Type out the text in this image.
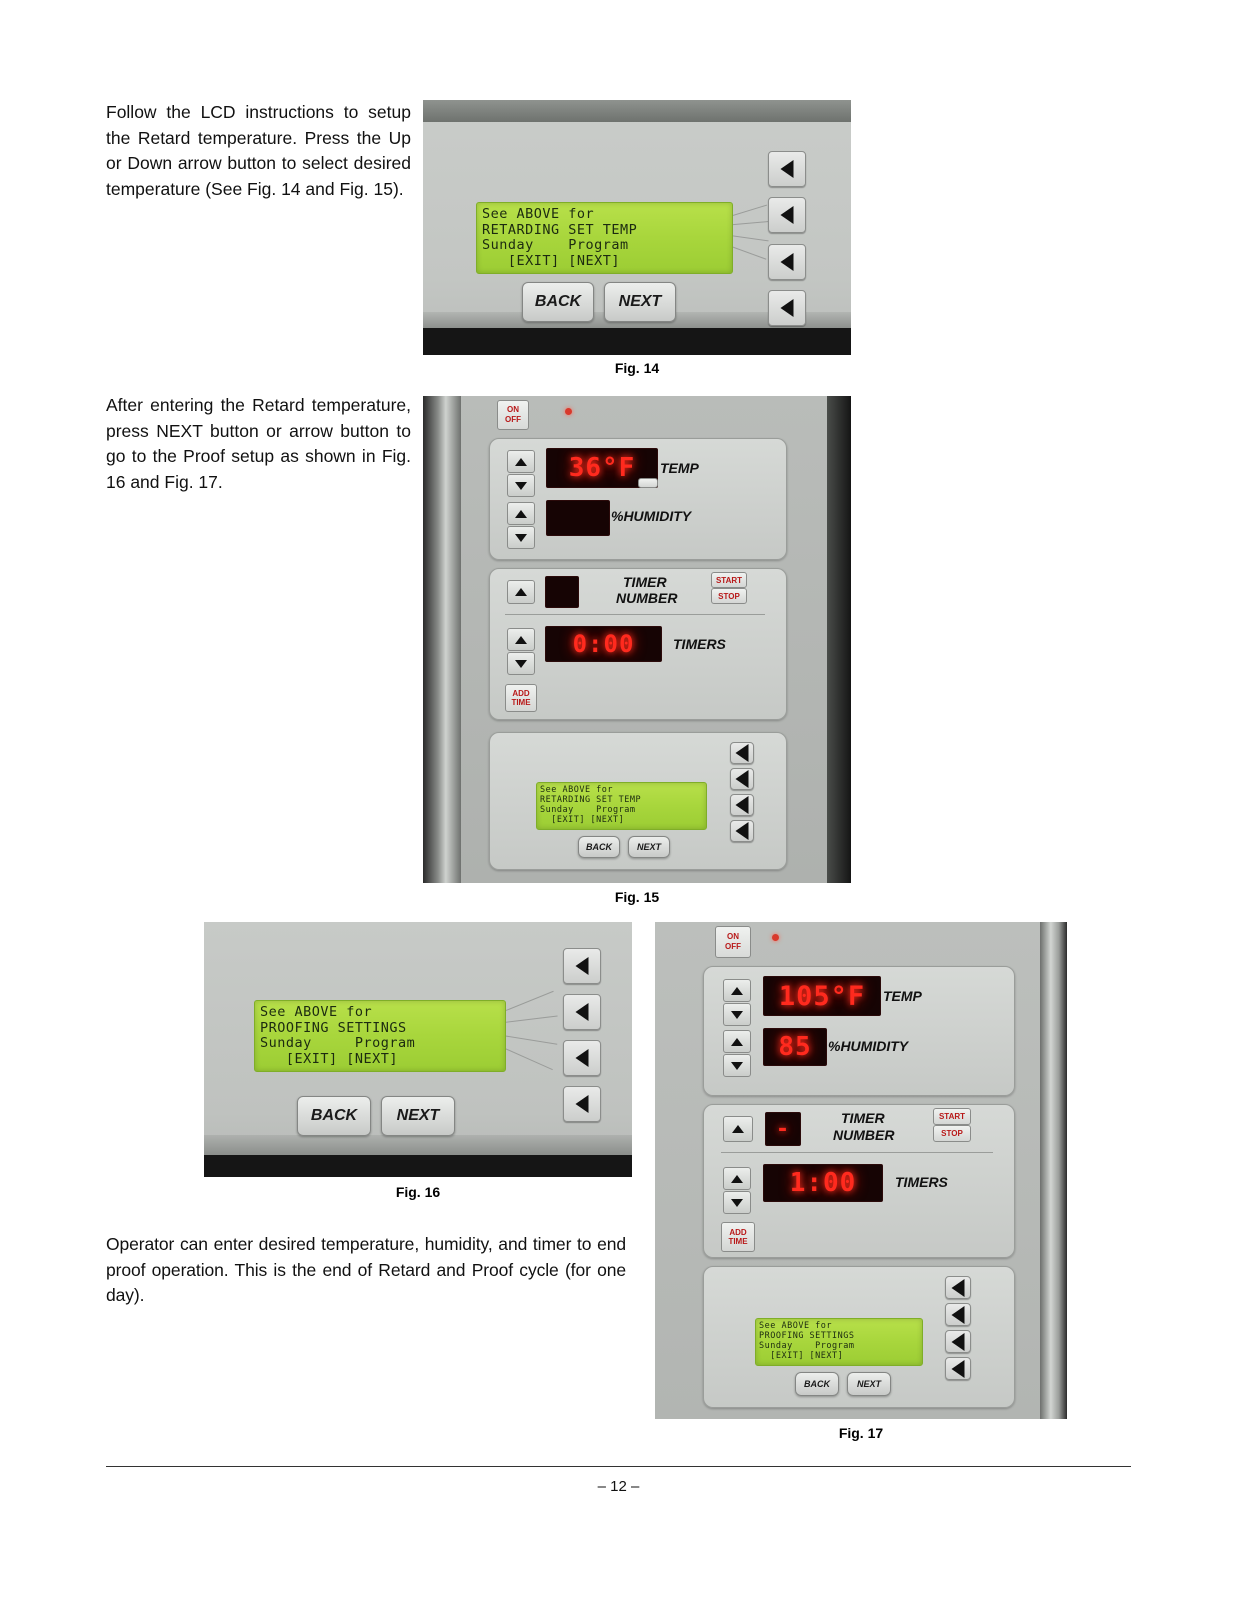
Follow the LCD instructions to setup the Retard temperature. Press the Up or Down arrow button to select desired temperature (See Fig. 14 and Fig. 15).
See ABOVE for
RETARDING SET TEMP
Sunday    Program
[EXIT] [NEXT]
BACK	NEXT
Fig. 14
After entering the Retard temperature, press NEXT button or arrow button to go to the Proof setup as shown in Fig. 16 and Fig. 17.
ON
OFF
36°F	TEMP
%HUMIDITY
TIMER
NUMBER
START
STOP
0:00	TIMERS
ADD
TIME
See ABOVE for
RETARDING SET TEMP
Sunday    Program
[EXIT] [NEXT]
BACK	NEXT
Fig. 15
See ABOVE for
PROOFING SETTINGS
Sunday     Program
[EXIT] [NEXT]
BACK	NEXT
Fig. 16
ON
OFF
105°F	TEMP
85	%HUMIDITY
-	TIMER
NUMBER
START
STOP
1:00	TIMERS
ADD
TIME
See ABOVE for
PROOFING SETTINGS
Sunday    Program
[EXIT] [NEXT]
BACK	NEXT
Fig. 17
Operator can enter desired temperature, humidity, and timer to end proof operation. This is the end of Retard and Proof cycle (for one day).
– 12 –
